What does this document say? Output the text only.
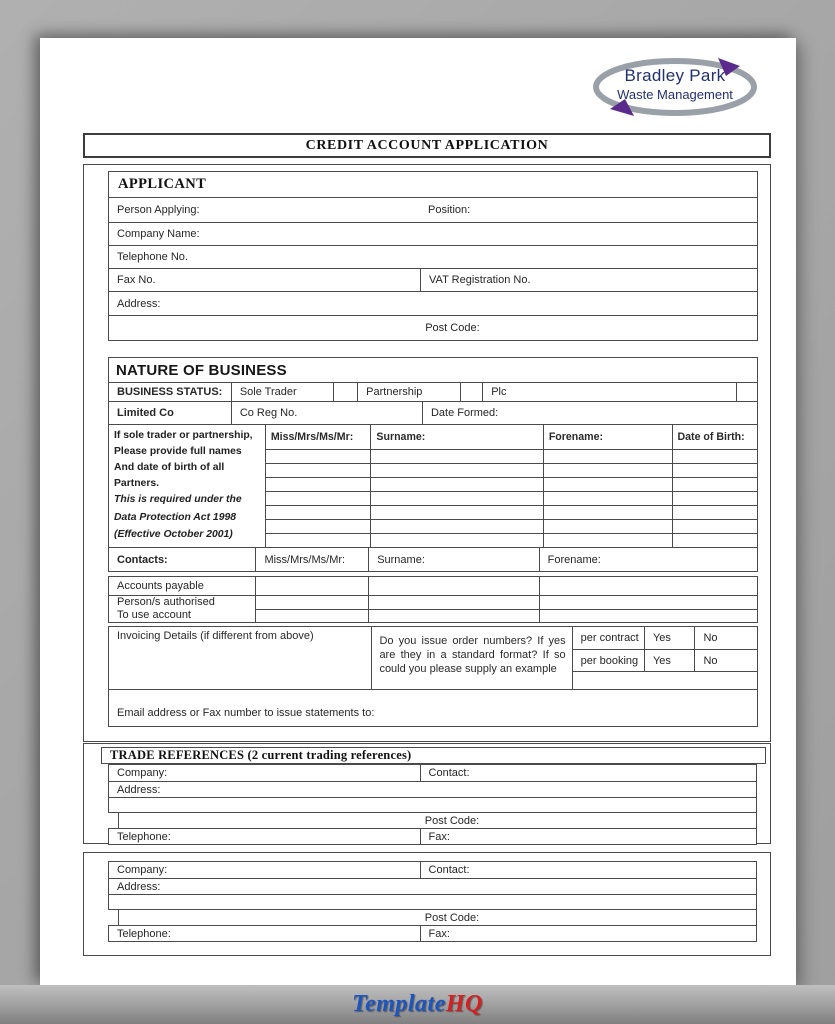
Bradley Park
Waste Management
CREDIT ACCOUNT APPLICATION
APPLICANT
Person Applying:	Position:
Company Name:
Telephone No.
Fax No.	VAT Registration No.
Address:
Post Code:
NATURE OF BUSINESS
BUSINESS STATUS:	Sole Trader	Partnership	Plc
Limited Co	Co Reg No.	Date Formed:
If sole trader or partnership,
Please provide full names
And date of birth of all
Partners.
This is required under the
Data Protection Act 1998
(Effective October 2001)
Miss/Mrs/Ms/Mr:	Surname:	Forename:	Date of Birth:
Contacts:	Miss/Mrs/Ms/Mr:	Surname:	Forename:
Accounts payable
Person/s authorised
To use account
Invoicing Details (if different from above)	Do you issue order numbers? If yes are they in a standard format? If so could you please supply an example
per contract	Yes	No
per booking	Yes	No
Email address or Fax number to issue statements to:
TRADE REFERENCES (2 current trading references)
Company:	Contact:
Address:
Post Code:
Telephone:	Fax:
Company:	Contact:
Address:
Post Code:
Telephone:	Fax:
TemplateHQ
